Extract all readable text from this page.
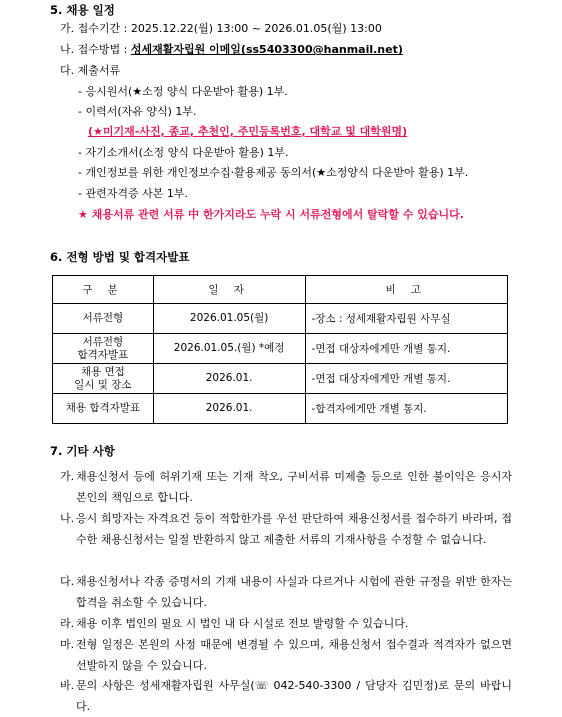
5. 채용 일정
가. 접수기간 : 2025.12.22(월) 13:00 ~ 2026.01.05(월) 13:00
나. 접수방법 : 성세재활자립원 이메일(ss5403300@hanmail.net)
다. 제출서류
- 응시원서(★소정 양식 다운받아 활용) 1부.
- 이력서(자유 양식) 1부.
(★미기재-사진, 종교, 추천인, 주민등록번호, 대학교 및 대학원명)
- 자기소개서(소정 양식 다운받아 활용) 1부.
- 개인정보를 위한 개인정보수집·활용제공 동의서(★소정양식 다운받아 활용) 1부.
- 관련자격증 사본 1부.
★ 채용서류 관련 서류 中 한가지라도 누락 시 서류전형에서 탈락할 수 있습니다.
6. 전형 방법 및 합격자발표
구 분	일 자	비 고
서류전형	2026.01.05(월)	-장소 : 성세재활자립원 사무실
서류전형
합격자발표	2026.01.05.(월) *예정	-면접 대상자에게만 개별 통지.
채용 면접
일시 및 장소	2026.01.	-면접 대상자에게만 개별 통지.
채용 합격자발표	2026.01.	-합격자에게만 개별 통지.
7. 기타 사항
가. 채용신청서 등에 허위기재 또는 기재 착오, 구비서류 미제출 등으로 인한 불이익은 응시자 본인의 책임으로 합니다.
나. 응시 희망자는 자격요건 등이 적합한가를 우선 판단하여 채용신청서를 접수하기 바라며, 접수한 채용신청서는 일절 반환하지 않고 제출한 서류의 기재사항을 수정할 수 없습니다.
다. 채용신청서나 각종 증명서의 기재 내용이 사실과 다르거나 시험에 관한 규정을 위반 한자는 합격을 취소할 수 있습니다.
라. 채용 이후 법인의 필요 시 법인 내 타 시설로 전보 발령할 수 있습니다.
마. 전형 일정은 본원의 사정 때문에 변경될 수 있으며, 채용신청서 접수결과 적격자가 없으면 선발하지 않을 수 있습니다.
바. 문의 사항은 성세재활자립원 사무실(☏ 042-540-3300 / 담당자 김민정)로 문의 바랍니다.
